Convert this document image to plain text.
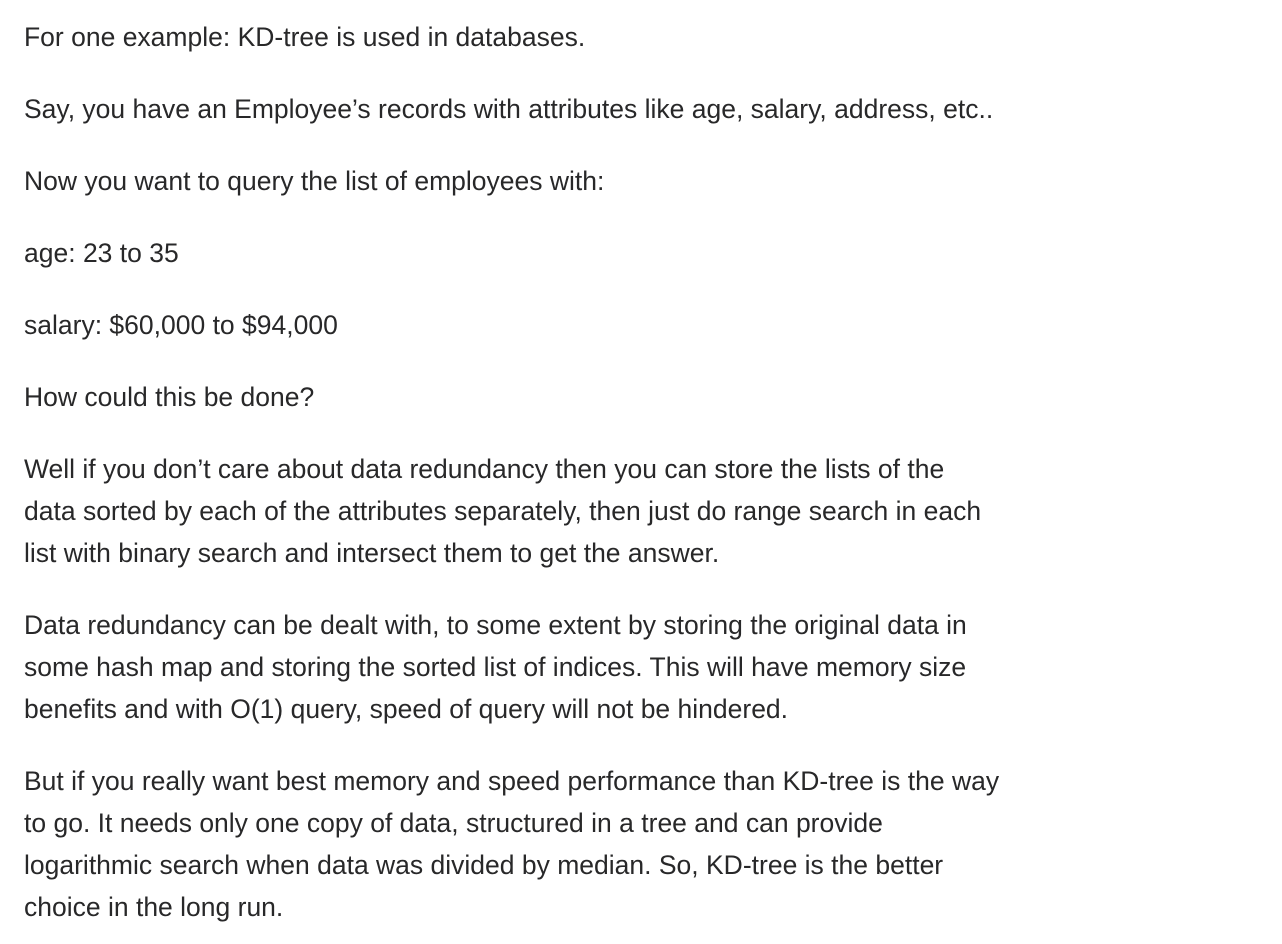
For one example: KD-tree is used in databases.

Say, you have an Employee’s records with attributes like age, salary, address, etc..

Now you want to query the list of employees with:

age: 23 to 35

salary: $60,000 to $94,000

How could this be done?

Well if you don’t care about data redundancy then you can store the lists of the
data sorted by each of the attributes separately, then just do range search in each
list with binary search and intersect them to get the answer.

Data redundancy can be dealt with, to some extent by storing the original data in
some hash map and storing the sorted list of indices. This will have memory size
benefits and with O(1) query, speed of query will not be hindered.

But if you really want best memory and speed performance than KD-tree is the way
to go. It needs only one copy of data, structured in a tree and can provide
logarithmic search when data was divided by median. So, KD-tree is the better
choice in the long run.
